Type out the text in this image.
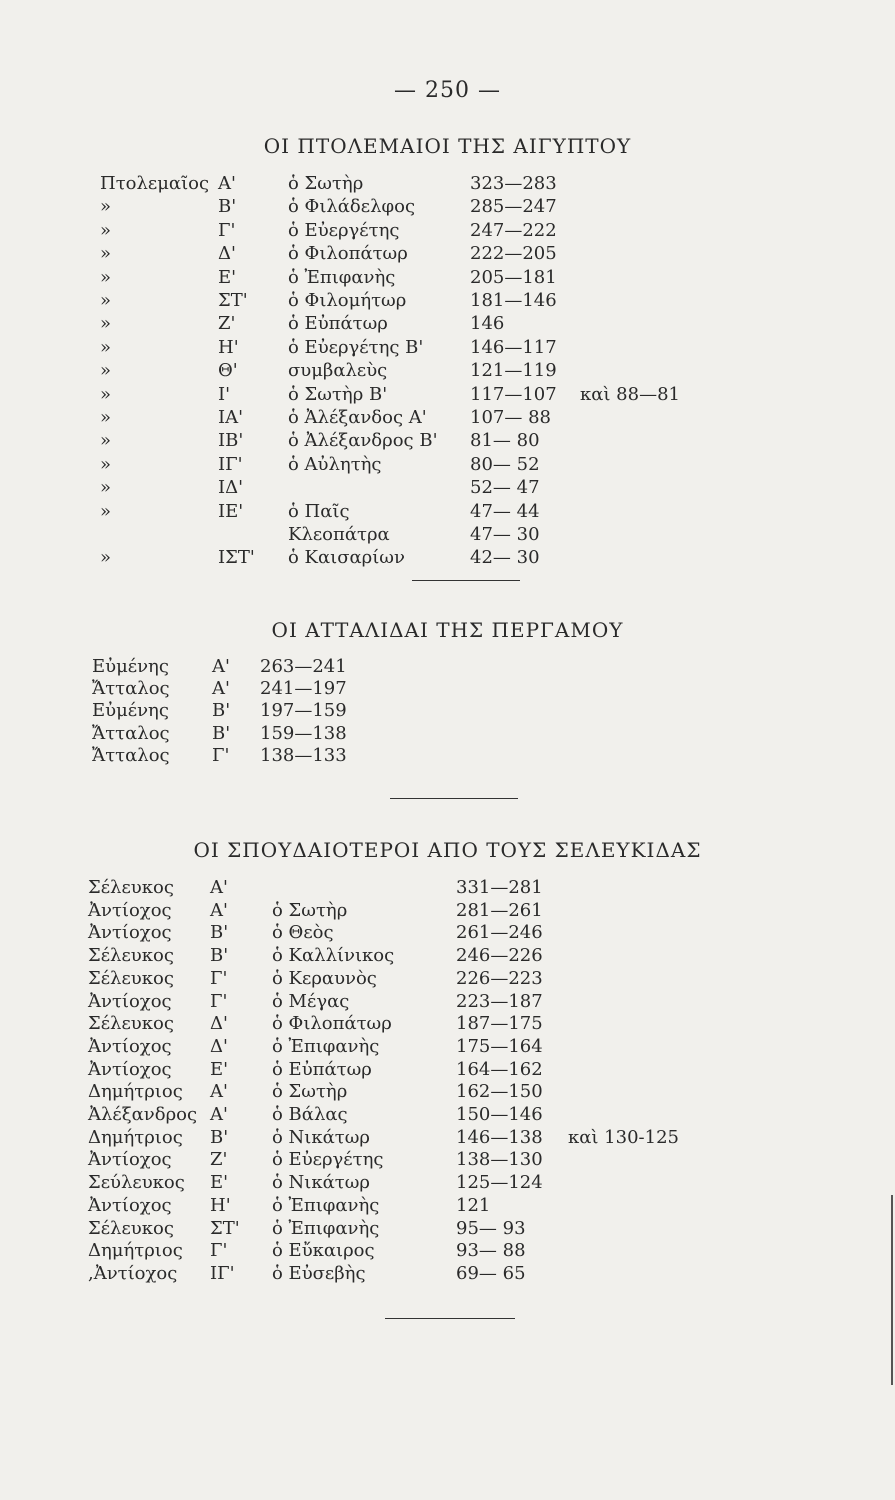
— 250 —
ΟΙ ΠΤΟΛΕΜΑΙΟΙ ΤΗΣ ΑΙΓΥΠΤΟΥ
Πτολεμαῖος Α'	ὁ Σωτὴρ	323—283
»	Β'	ὁ Φιλάδελφος	285—247
»	Γ'	ὁ Εὐεργέτης	247—222
»	Δ'	ὁ Φιλοπάτωρ	222—205
»	Ε'	ὁ Ἐπιφανὴς	205—181
»	ΣΤ' ὁ Φιλομήτωρ	181—146
»	Ζ'	ὁ Εὐπάτωρ	146
»	Η'	ὁ Εὐεργέτης Β'	146—117
»	Θ'	συμβαλεὺς	121—119
»	Ι'	ὁ Σωτὴρ Β'	117—107 καὶ 88—81
»	ΙΑ' ὁ Ἀλέξανδος Α' 107— 88
»	ΙΒ' ὁ Ἀλέξανδρος Β' 81— 80
»	ΙΓ'	ὁ Αὐλητὴς	80— 52
»	ΙΔ'	52— 47
»	ΙΕ' ὁ Παῖς	47— 44
Κλεοπάτρα	47— 30
»	ΙΣΤ' ὁ Καισαρίων	42— 30
ΟΙ ΑΤΤΑΛΙΔΑΙ ΤΗΣ ΠΕΡΓΑΜΟΥ
Εὐμένης Α' 263—241
Ἄτταλος Α' 241—197
Εὐμένης Β' 197—159
Ἄτταλος Β' 159—138
Ἄτταλος Γ' 138—133
ΟΙ ΣΠΟΥΔΑΙΟΤΕΡΟΙ ΑΠΟ ΤΟΥΣ ΣΕΛΕΥΚΙΔΑΣ
Σέλευκος Α'	331—281
Ἀντίοχος Α' ὁ Σωτὴρ	281—261
Ἀντίοχος Β' ὁ Θεὸς	261—246
Σέλευκος Β' ὁ Καλλίνικος	246—226
Σέλευκος Γ' ὁ Κεραυνὸς	226—223
Ἀντίοχος Γ' ὁ Μέγας	223—187
Σέλευκος Δ' ὁ Φιλοπάτωρ	187—175
Ἀντίοχος Δ' ὁ Ἐπιφανὴς	175—164
Ἀντίοχος Ε' ὁ Εὐπάτωρ	164—162
Δημήτριος Α' ὁ Σωτὴρ	162—150
Ἀλέξανδρος Α' ὁ Βάλας	150—146
Δημήτριος Β' ὁ Νικάτωρ	146—138 καὶ 130-125
Ἀντίοχος Ζ' ὁ Εὐεργέτης	138—130
Σεύλευκος Ε' ὁ Νικάτωρ	125—124
Ἀντίοχος Η' ὁ Ἐπιφανὴς	121
Σέλευκος ΣΤ' ὁ Ἐπιφανὴς	95— 93
Δημήτριος Γ' ὁ Εὔκαιρος	93— 88
,Ἀντίοχος ΙΓ' ὁ Εὐσεβὴς	69— 65
